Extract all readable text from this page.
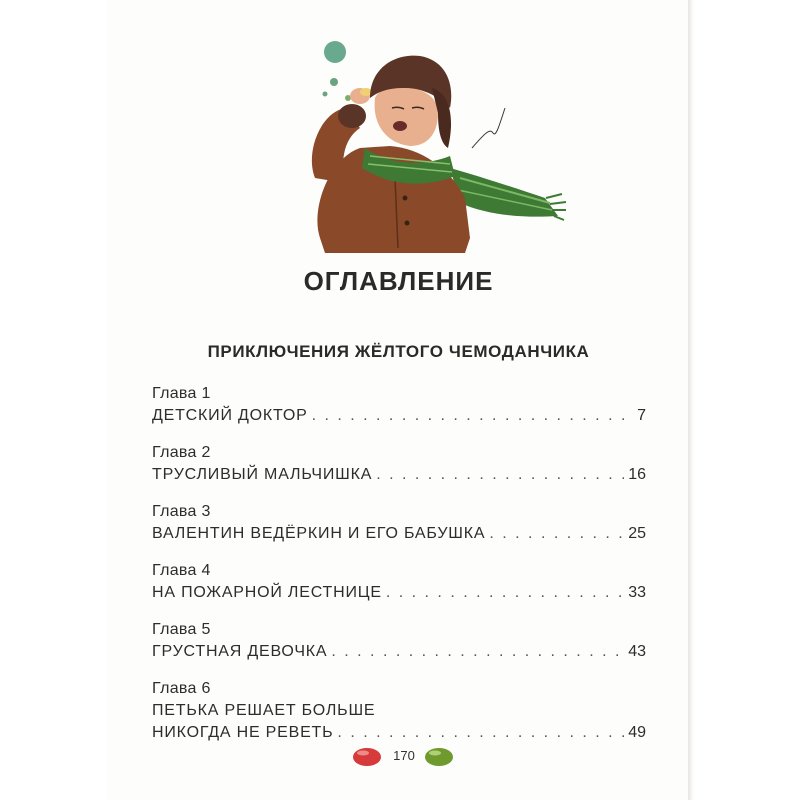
ОГЛАВЛЕНИЕ
ПРИКЛЮЧЕНИЯ ЖЁЛТОГО ЧЕМОДАНЧИКА
Глава 1
ДЕТСКИЙ ДОКТОР . . .	7
Глава 2
ТРУСЛИВЫЙ МАЛЬЧИШКА . . .	16
Глава 3
ВАЛЕНТИН ВЕДЁРКИН И ЕГО БАБУШКА . . .	25
Глава 4
НА ПОЖАРНОЙ ЛЕСТНИЦЕ . . .	33
Глава 5
ГРУСТНАЯ ДЕВОЧКА . . .	43
Глава 6
ПЕТЬКА РЕШАЕТ БОЛЬШЕ
НИКОГДА НЕ РЕВЕТЬ . . .	49
170
